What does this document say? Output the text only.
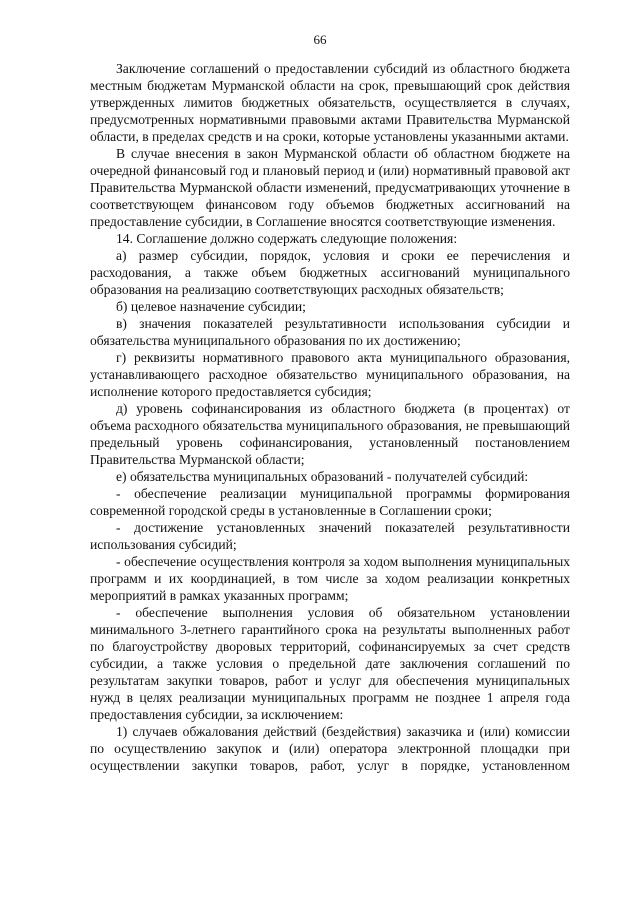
66

Заключение соглашений о предоставлении субсидий из областного бюджета местным бюджетам Мурманской области на срок, превышающий срок действия утвержденных лимитов бюджетных обязательств, осуществляется в случаях, предусмотренных нормативными правовыми актами Правительства Мурманской области, в пределах средств и на сроки, которые установлены указанными актами.

В случае внесения в закон Мурманской области об областном бюджете на очередной финансовый год и плановый период и (или) нормативный правовой акт Правительства Мурманской области изменений, предусматривающих уточнение в соответствующем финансовом году объемов бюджетных ассигнований на предоставление субсидии, в Соглашение вносятся соответствующие изменения.

14. Соглашение должно содержать следующие положения:

а) размер субсидии, порядок, условия и сроки ее перечисления и расходования, а также объем бюджетных ассигнований муниципального образования на реализацию соответствующих расходных обязательств;

б) целевое назначение субсидии;

в) значения показателей результативности использования субсидии и обязательства муниципального образования по их достижению;

г) реквизиты нормативного правового акта муниципального образования, устанавливающего расходное обязательство муниципального образования, на исполнение которого предоставляется субсидия;

д) уровень софинансирования из областного бюджета (в процентах) от объема расходного обязательства муниципального образования, не превышающий предельный уровень софинансирования, установленный постановлением Правительства Мурманской области;

е) обязательства муниципальных образований - получателей субсидий:

- обеспечение реализации муниципальной программы формирования современной городской среды в установленные в Соглашении сроки;

- достижение установленных значений показателей результативности использования субсидий;

- обеспечение осуществления контроля за ходом выполнения муниципальных программ и их координацией, в том числе за ходом реализации конкретных мероприятий в рамках указанных программ;

- обеспечение выполнения условия об обязательном установлении минимального 3-летнего гарантийного срока на результаты выполненных работ по благоустройству дворовых территорий, софинансируемых за счет средств субсидии, а также условия о предельной дате заключения соглашений по результатам закупки товаров, работ и услуг для обеспечения муниципальных нужд в целях реализации муниципальных программ не позднее 1 апреля года предоставления субсидии, за исключением:

1) случаев обжалования действий (бездействия) заказчика и (или) комиссии по осуществлению закупок и (или) оператора электронной площадки при осуществлении закупки товаров, работ, услуг в порядке, установленном
